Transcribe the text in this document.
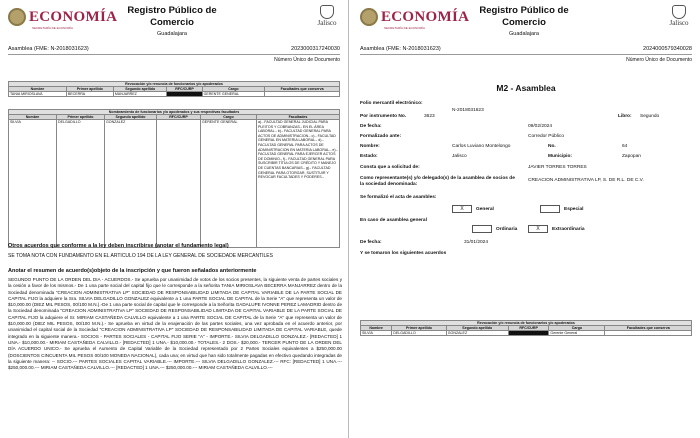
ECONOMÍA
SECRETARÍA DE ECONOMÍA
Registro Público de Comercio
Guadalajara
Jalisco
Asamblea (FME: N-2018031623)	2023000317240030
Número Único de Documento
Revocación y/o renuncia de funcionarios y/o apoderados					
Nombre	Primer apellido	Segundo apellido	RFC/CURP	Cargo	Facultades que conserva
TANIA MIRIOSLAVA	BECERRA	MANJARREZ		GERENTE GENERAL	
Nombramiento de funcionarios y/o apoderados y sus respectivas facultades					
Nombre	Primer apellido	Segundo apellido	RFC/CURP	Cargo	Facultades
SILVIA	DELGADILLO	GONZALEZ		GERENTE GENERAL	a).- FACULTAD GENERAL JUDICIAL PARA PLEITOS Y COBRANZAS.- EN EL ÁREA LABORAL.- b).- FACULTAD GENERAL PARA ACTOS DE ADMINISTRACION.- c).- FACULTAD GENERAL EN MATERIA LABORAL.- d).- FACULTAD GENERAL PARA ACTOS DE ADMINISTRACION EN MATERIA LABORAL.- e).- FACULTAD GENERAL PARA EJERCER ACTOS DE DOMINIO.- f).- FACULTAD GENERAL PARA SUSCRIBIR TÍTULOS DE CRÉDITO Y MANEJO DE CUENTAS BANCARIAS.- g).- FACULTAD GENERAL PARA OTORGAR, SUSTITUIR Y REVOCAR FACULTADES Y PODERES.-
Otros acuerdos que conforme a la ley deben inscribirse (anotar el fundamento legal)
SE TOMA NOTA CON FUNDAMENTO EN EL ARTICULO 194 DE LA LEY GENERAL DE SOCIEDADE MERCANTILES
Anotar el resumen de acuerdo(s)objeto de la inscripción y que fueron señalados anteriormente
SEGUNDO PUNTO DE LA ORDEN DEL DIA - ACUERDOS.- Se aprueba por unanimidad de votos de los socios presentes, la siguiente venta de partes sociales y la cesión a favor de los mismos.- De 1 una parte social del capital fijo que le corresponde a la señorita TANIA MIRIOSLAVA BECERRA MANJARREZ dentro de la Sociedad denominada "CREACION ADMINISTRATIVA LP" SOCIEDAD DE RESPONSABILIDAD LIMITADA DE CAPITAL VARIABLE DE LA PARTE SOCIAL DE CAPITAL FIJO la adquiere la Sra. SILVIA DELGADILLO GONZALEZ equivalente a 1 una PARTE SOCIAL DE CAPITAL de la Serie "A" que representa un valor de $10,000.00 (DIEZ MIL PESOS, 00/100 M.N.).-De 1 una parte social de capital que le corresponde a la Señorita GADALUPE IVONNE PEREZ LAMADRID dentro de la Sociedad denominada "CREACION ADMINISTRATIVA LP" SOCIEDAD DE RESPONSABILIDAD LIMITADA DE CAPITAL VARIABLE DE LA PARTE SOCIAL DE CAPITAL FIJO la adquiere el Sr. MIRIAM CASTAÑEDA CALVILLO equivalente a 1 una PARTE SOCIAL DE CAPITAL de la Serie "A" que representa un valor de $10,000.00 (DIEZ MIL PESOS, 00/100 M.N.).- Se aprueba en virtud de la enajenación de las partes sociales, una vez aprobada en el acuerdo anterior, por unanimidad el capital social de la Sociedad "CREACION ADMINISTRATIVA LP" SOCIEDAD DE RESPONSABILIDAD LIMITADA DE CAPITAL VARIABLE, quede integrado en la siguiente manera.- SOCIOS - PARTES SOCIALES - CAPITAL FIJO SERIE "A" - IMPORTE.- SILVIA DELGADILLO GONZALEZ.- [REDACTED] 1 UNA.- $10,000.00.- MIRIAM CASTAÑEDA CALVILLO.- [REDACTED] 1 UNA.- $10,000.00.- TOTALES.- 2 DOS.- $20,000.- TERCER PUNTO DE LA ORDEN DEL DÍA ACUERDO UNICO.- Se aprueba el Aumento de Capital Variable de la Sociedad representado por 2 Partes Sociales equivalentes a $250,000.00 (DOSCIENTOS CINCUENTA MIL PESOS 00/100 MONEDA NACIONAL), cada una; en virtud que han sido totalmente pagadas en efectivo quedando integradas de la siguiente manera: -- SOCIO.--- PARTES SOCIALES CAPITAL VARIABLE.--- IMPORTE.--- SILVIA DELGADILLO GONZALEZ.--- RFC: [REDACTED] 1 UNA.--- $250,000.00.--- MIRIAM CASTAÑEDA CALVILLO.--- [REDACTED] 1 UNA.--- $250,000.00.--- MIRIAM CASTAÑEDA CALVILLO.---
ECONOMÍA
SECRETARÍA DE ECONOMÍA
Registro Público de Comercio
Guadalajara
Jalisco
Asamblea (FME: N-2018031623)	2024000579340028
Número Único de Documento
M2 - Asamblea
Folio mercantil electrónico:
N-2018031623
Por instrumento No.	3623	Libro: Segundo
De fecha:	09/02/2024
Formalizado ante:	Corredor Público
Nombre:	Carlos Luviano Montelongo	No.	64
Estado:	Jalisco	Municipio:	Zapopan
Consta que a solicitud de:	JAVIER TORRES TORRES
Como representante(s) y/o delegado(s) de la asamblea de socios de la sociedad denominada:
CREACION ADMINISTRATIVA LP, S. DE R.L. DE C.V.
Se formalizó el acta de asambles:
X	General	Especial
En caso de asamblea general
Ordinaria	X	Extraordinaria
De fecha:	31/01/2024
Y se tomaron los siguientes acuerdos
Revocación y/o renuncia de funcionarios y/o apoderados					
Nombre	Primer apellido	Segundo apellido	RFC/CURP	Cargo	Facultades que conserva
SILVIA	DELGADILLO	GONZALEZ		Gerente General	
